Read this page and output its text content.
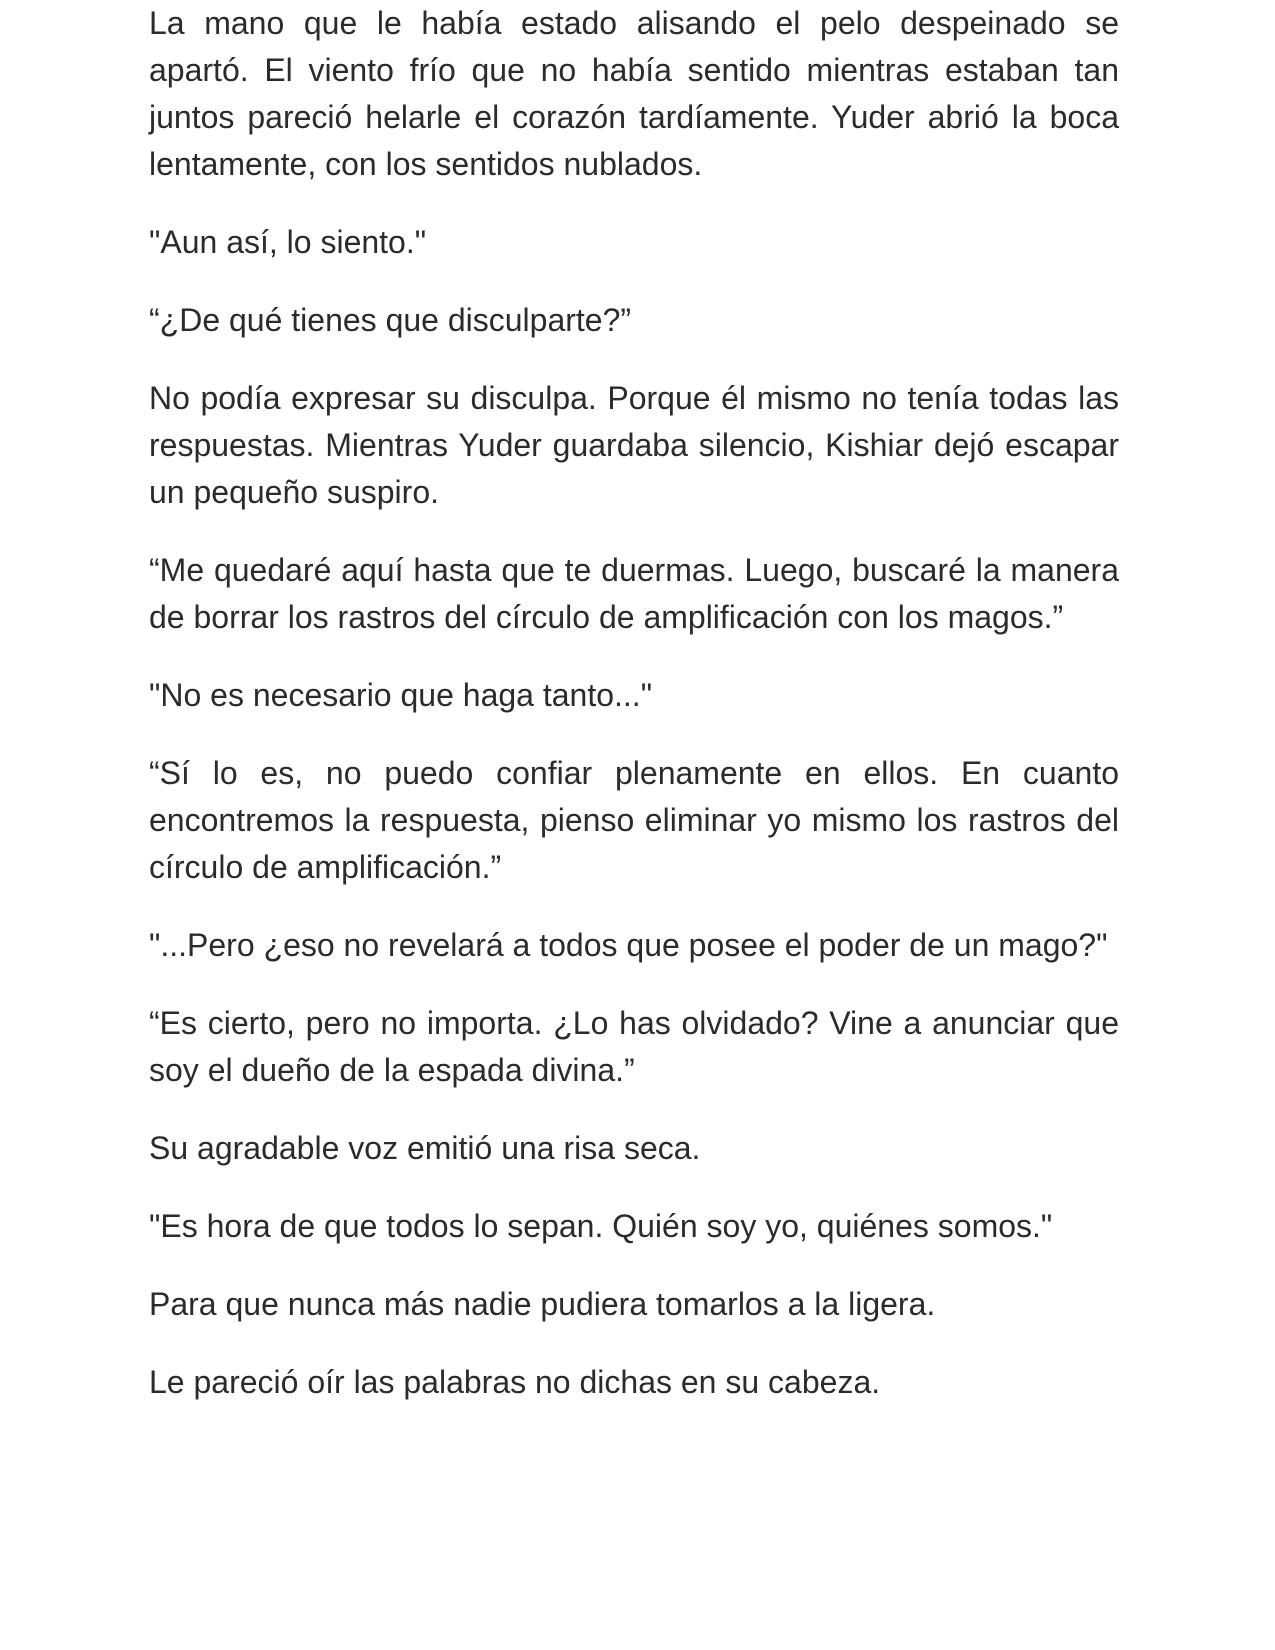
La mano que le había estado alisando el pelo despeinado se apartó. El viento frío que no había sentido mientras estaban tan juntos pareció helarle el corazón tardíamente. Yuder abrió la boca lentamente, con los sentidos nublados.

"Aun así, lo siento."

“¿De qué tienes que disculparte?”

No podía expresar su disculpa. Porque él mismo no tenía todas las respuestas. Mientras Yuder guardaba silencio, Kishiar dejó escapar un pequeño suspiro.

“Me quedaré aquí hasta que te duermas. Luego, buscaré la manera de borrar los rastros del círculo de amplificación con los magos.”

"No es necesario que haga tanto..."

“Sí lo es, no puedo confiar plenamente en ellos. En cuanto encontremos la respuesta, pienso eliminar yo mismo los rastros del círculo de amplificación.”

"...Pero ¿eso no revelará a todos que posee el poder de un mago?"

“Es cierto, pero no importa. ¿Lo has olvidado? Vine a anunciar que soy el dueño de la espada divina.”

Su agradable voz emitió una risa seca.

"Es hora de que todos lo sepan. Quién soy yo, quiénes somos."

Para que nunca más nadie pudiera tomarlos a la ligera.

Le pareció oír las palabras no dichas en su cabeza.
